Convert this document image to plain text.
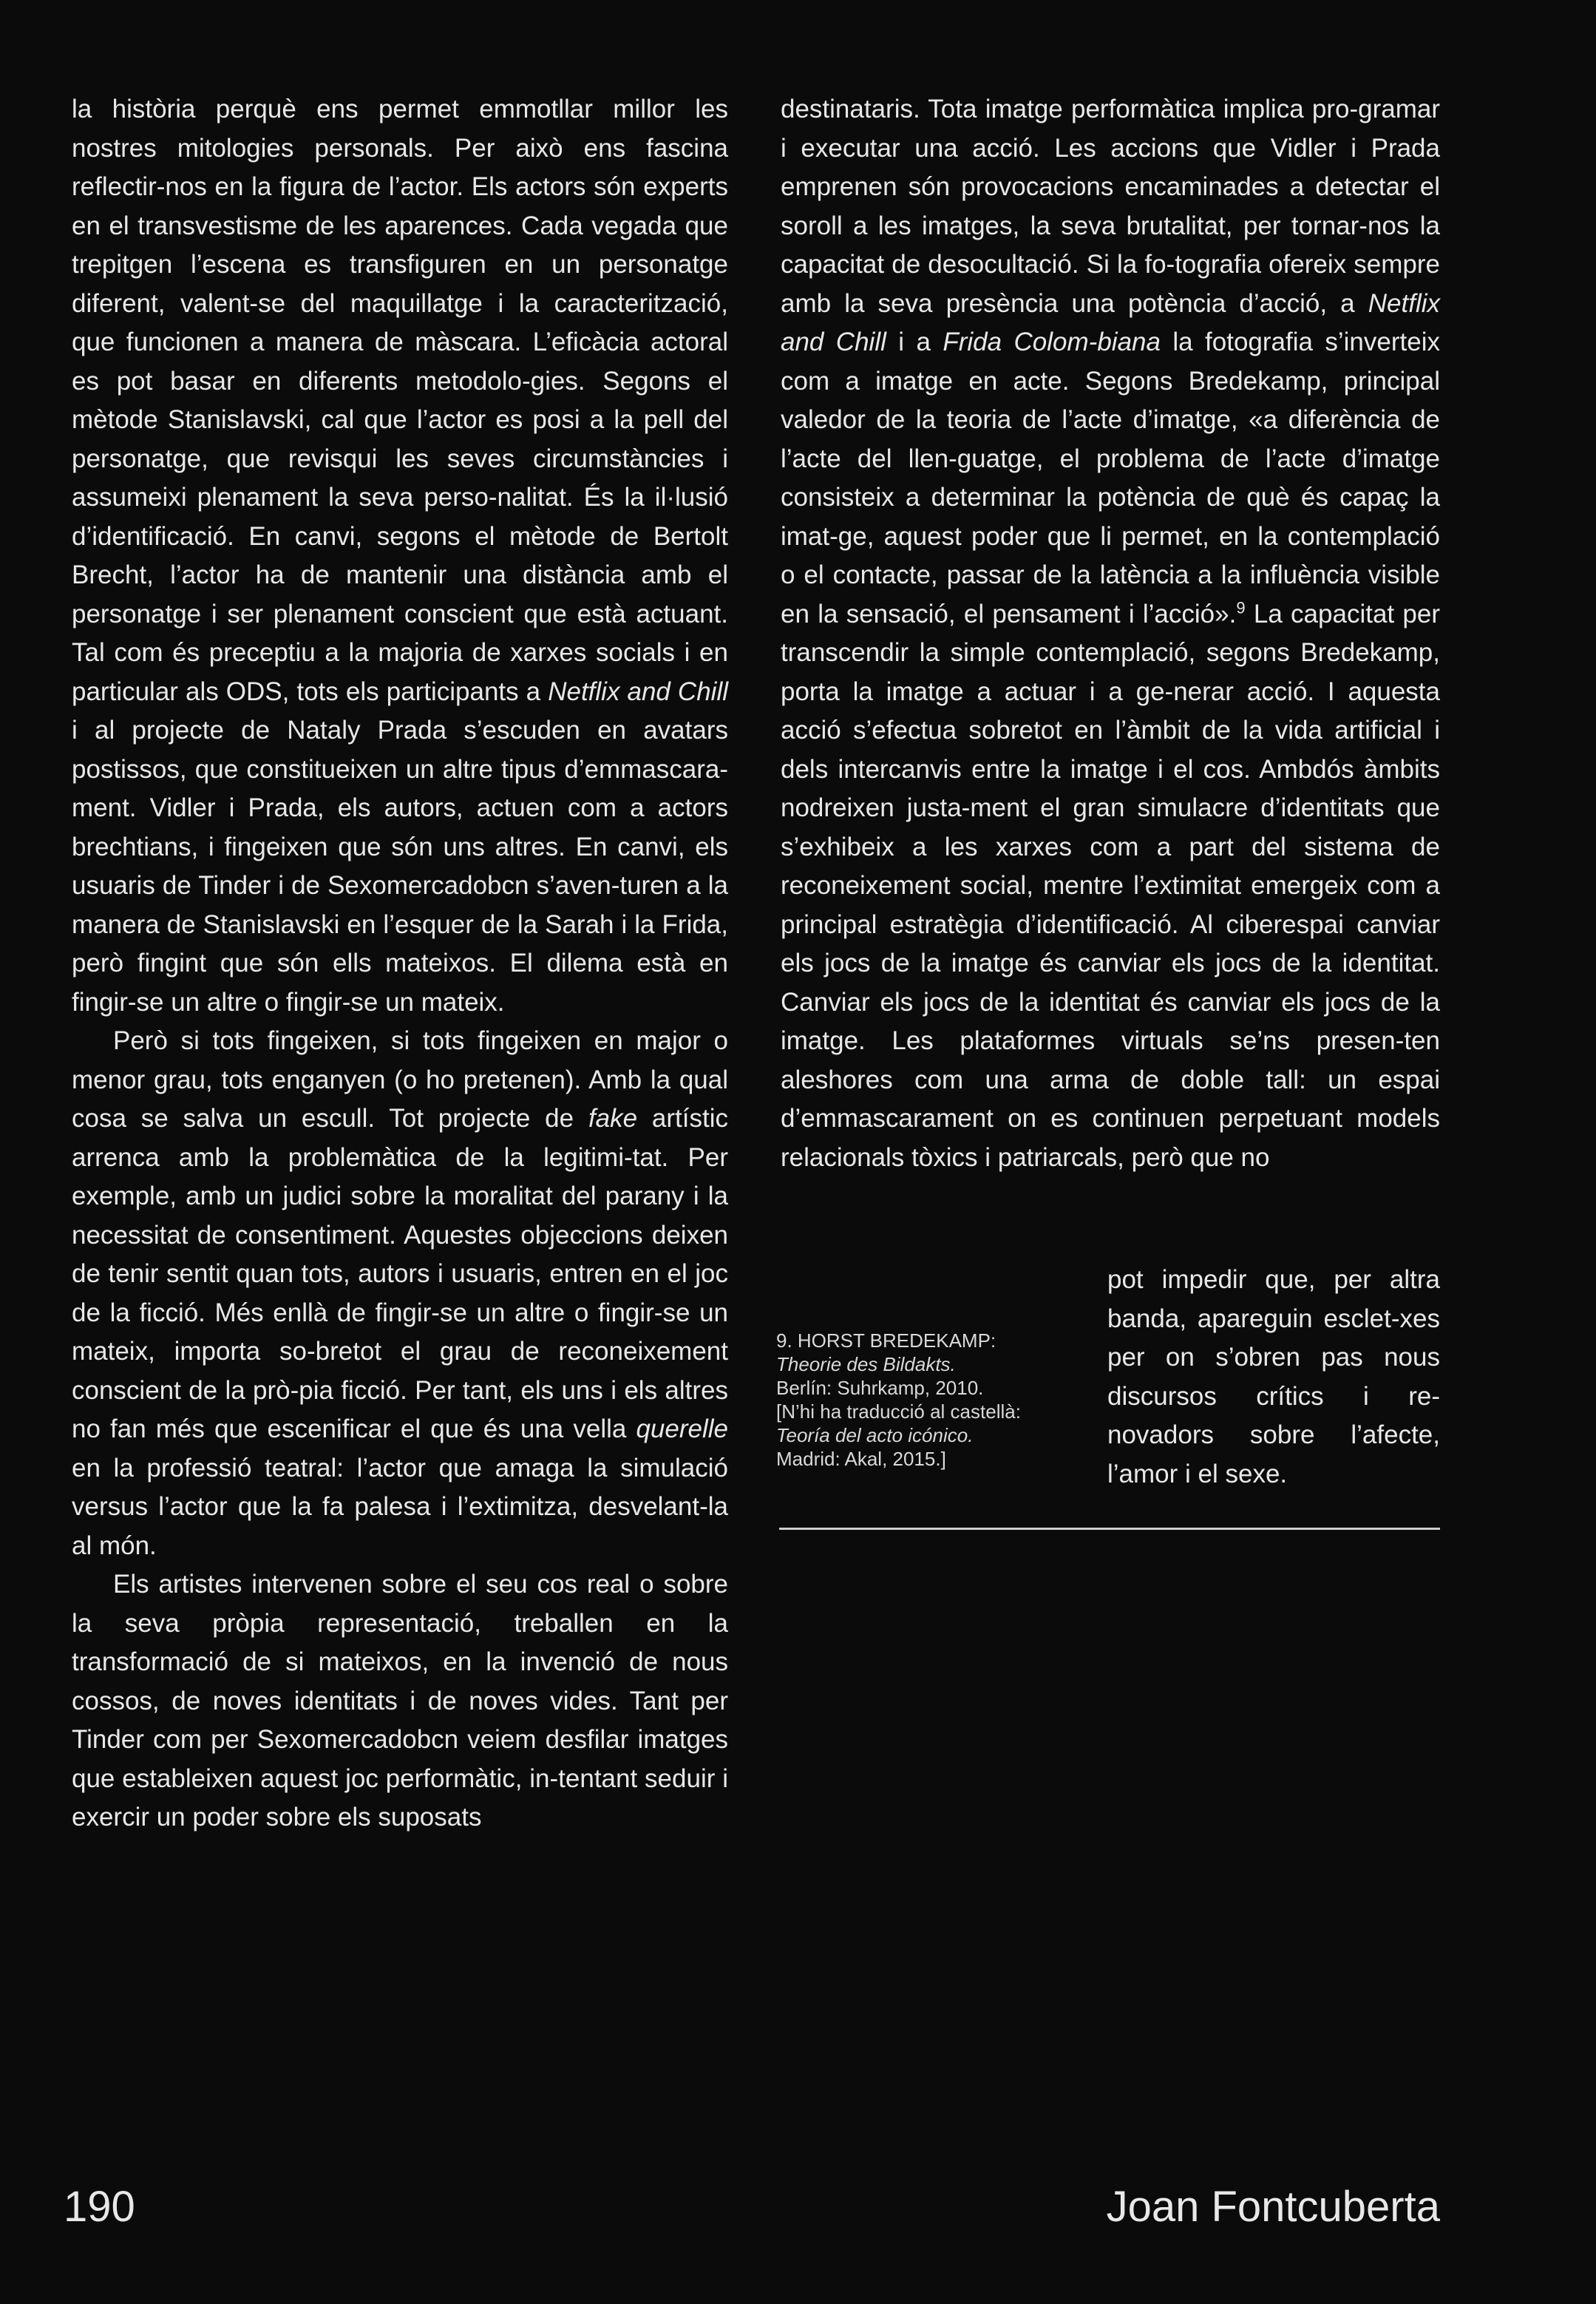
la història perquè ens permet emmotllar millor les nostres mitologies personals. Per això ens fascina reflectir-nos en la figura de l’actor. Els actors són experts en el transvestisme de les aparences. Cada vegada que trepitgen l’escena es transfiguren en un personatge diferent, valent-se del maquillatge i la caracterització, que funcionen a manera de màscara. L’eficàcia actoral es pot basar en diferents metodolo-gies. Segons el mètode Stanislavski, cal que l’actor es posi a la pell del personatge, que revisqui les seves circumstàncies i assumeixi plenament la seva perso-nalitat. És la il·lusió d’identificació. En canvi, segons el mètode de Bertolt Brecht, l’actor ha de mantenir una distància amb el personatge i ser plenament conscient que està actuant. Tal com és preceptiu a la majoria de xarxes socials i en particular als ODS, tots els participants a Netflix and Chill i al projecte de Nataly Prada s’escuden en avatars postissos, que constitueixen un altre tipus d’emmascara-ment. Vidler i Prada, els autors, actuen com a actors brechtians, i fingeixen que són uns altres. En canvi, els usuaris de Tinder i de Sexomercadobcn s’aven-turen a la manera de Stanislavski en l’esquer de la Sarah i la Frida, però fingint que són ells mateixos. El dilema està en fingir-se un altre o fingir-se un mateix.

Però si tots fingeixen, si tots fingeixen en major o menor grau, tots enganyen (o ho pretenen). Amb la qual cosa se salva un escull. Tot projecte de fake artístic arrenca amb la problemàtica de la legitimi-tat. Per exemple, amb un judici sobre la moralitat del parany i la necessitat de consentiment. Aquestes objeccions deixen de tenir sentit quan tots, autors i usuaris, entren en el joc de la ficció. Més enllà de fingir-se un altre o fingir-se un mateix, importa so-bretot el grau de reconeixement conscient de la prò-pia ficció. Per tant, els uns i els altres no fan més que escenificar el que és una vella querelle en la professió teatral: l’actor que amaga la simulació versus l’actor que la fa palesa i l’extimitza, desvelant-la al món.

Els artistes intervenen sobre el seu cos real o sobre la seva pròpia representació, treballen en la transformació de si mateixos, en la invenció de nous cossos, de noves identitats i de noves vides. Tant per Tinder com per Sexomercadobcn veiem desfilar imatges que estableixen aquest joc performàtic, in-tentant seduir i exercir un poder sobre els suposats

destinataris. Tota imatge performàtica implica pro-gramar i executar una acció. Les accions que Vidler i Prada emprenen són provocacions encaminades a detectar el soroll a les imatges, la seva brutalitat, per tornar-nos la capacitat de desocultació. Si la fo-tografia ofereix sempre amb la seva presència una potència d’acció, a Netflix and Chill i a Frida Colom-biana la fotografia s’inverteix com a imatge en acte. Segons Bredekamp, principal valedor de la teoria de l’acte d’imatge, «a diferència de l’acte del llen-guatge, el problema de l’acte d’imatge consisteix a determinar la potència de què és capaç la imat-ge, aquest poder que li permet, en la contemplació o el contacte, passar de la latència a la influència visible en la sensació, el pensament i l’acció».$^9$ La capacitat per transcendir la simple contemplació, segons Bredekamp, porta la imatge a actuar i a ge-nerar acció. I aquesta acció s’efectua sobretot en l’àmbit de la vida artificial i dels intercanvis entre la imatge i el cos. Ambdós àmbits nodreixen justa-ment el gran simulacre d’identitats que s’exhibeix a les xarxes com a part del sistema de reconeixement social, mentre l’extimitat emergeix com a principal estratègia d’identificació. Al ciberespai canviar els jocs de la imatge és canviar els jocs de la identitat. Canviar els jocs de la identitat és canviar els jocs de la imatge. Les plataformes virtuals se’ns presen-ten aleshores com una arma de doble tall: un espai d’emmascarament on es continuen perpetuant models relacionals tòxics i patriarcals, però que no

pot impedir que, per altra banda, apareguin esclet-xes per on s’obren pas nous discursos crítics i re-novadors sobre l’afecte, l’amor i el sexe.

9. HORST BREDEKAMP:
Theorie des Bildakts.
Berlín: Suhrkamp, 2010.
[N’hi ha traducció al castellà:
Teoría del acto icónico.
Madrid: Akal, 2015.]
190	Joan Fontcuberta
